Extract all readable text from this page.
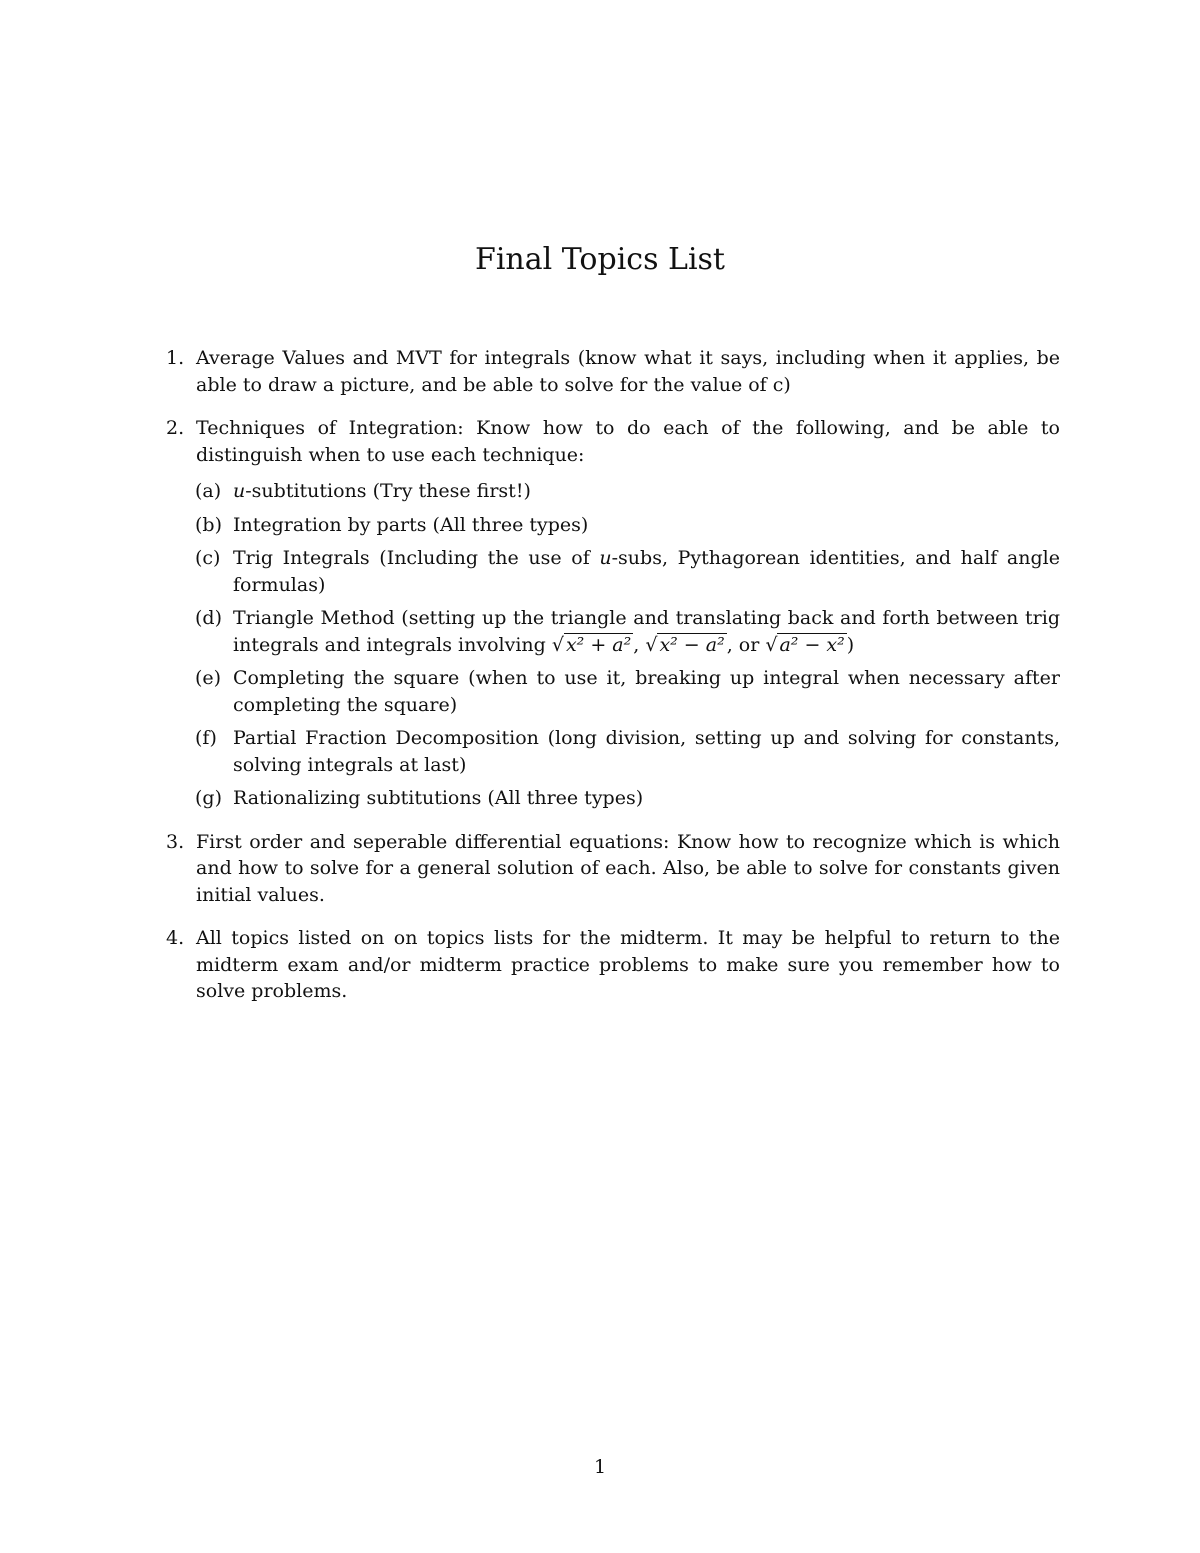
Final Topics List
1. Average Values and MVT for integrals (know what it says, including when it applies, be able to draw a picture, and be able to solve for the value of c)
2. Techniques of Integration: Know how to do each of the following, and be able to distinguish when to use each technique:
(a) u-subtitutions (Try these first!)
(b) Integration by parts (All three types)
(c) Trig Integrals (Including the use of u-subs, Pythagorean identities, and half angle formulas)
(d) Triangle Method (setting up the triangle and translating back and forth between trig integrals and integrals involving √ x² + a² , √ x² − a² , or √ a² − x² )
(e) Completing the square (when to use it, breaking up integral when necessary after completing the square)
(f) Partial Fraction Decomposition (long division, setting up and solving for constants, solving integrals at last)
(g) Rationalizing subtitutions (All three types)
3. First order and seperable differential equations: Know how to recognize which is which and how to solve for a general solution of each. Also, be able to solve for constants given initial values.
4. All topics listed on on topics lists for the midterm. It may be helpful to return to the midterm exam and/or midterm practice problems to make sure you remember how to solve problems.
1
